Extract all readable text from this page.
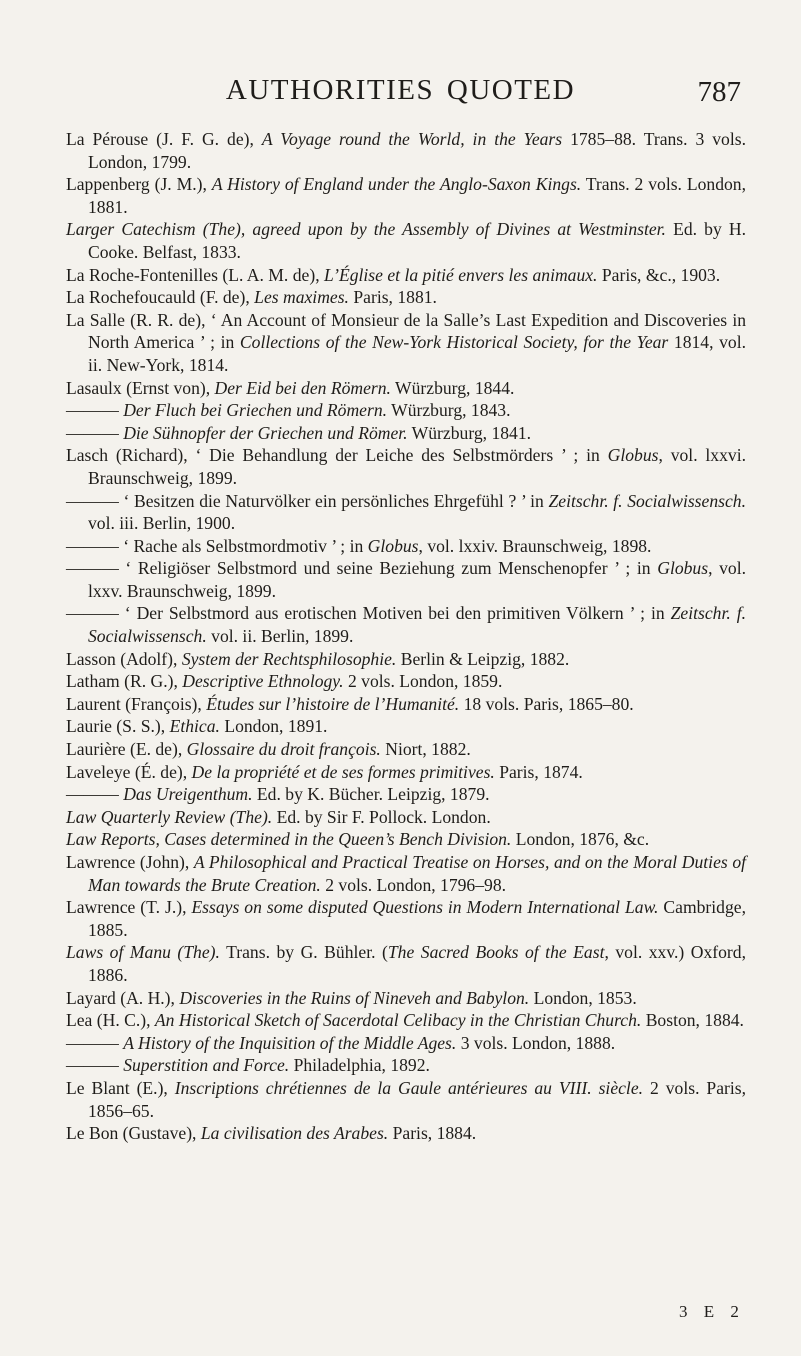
AUTHORITIES QUOTED	787

La Pérouse (J. F. G. de), A Voyage round the World, in the Years 1785–88. Trans. 3 vols. London, 1799.

Lappenberg (J. M.), A History of England under the Anglo-Saxon Kings. Trans. 2 vols. London, 1881.

Larger Catechism (The), agreed upon by the Assembly of Divines at Westminster. Ed. by H. Cooke. Belfast, 1833.

La Roche-Fontenilles (L. A. M. de), L’Église et la pitié envers les animaux. Paris, &c., 1903.

La Rochefoucauld (F. de), Les maximes. Paris, 1881.

La Salle (R. R. de), ‘ An Account of Monsieur de la Salle’s Last Expedition and Discoveries in North America ’ ; in Collections of the New-York Historical Society, for the Year 1814, vol. ii. New-York, 1814.

Lasaulx (Ernst von), Der Eid bei den Römern. Würzburg, 1844.

——— Der Fluch bei Griechen und Römern. Würzburg, 1843.

——— Die Sühnopfer der Griechen und Römer. Würzburg, 1841.

Lasch (Richard), ‘ Die Behandlung der Leiche des Selbstmörders ’ ; in Globus, vol. lxxvi. Braunschweig, 1899.

——— ‘ Besitzen die Naturvölker ein persönliches Ehrgefühl ? ’ in Zeitschr. f. Socialwissensch. vol. iii. Berlin, 1900.

——— ‘ Rache als Selbstmordmotiv ’ ; in Globus, vol. lxxiv. Braunschweig, 1898.

——— ‘ Religiöser Selbstmord und seine Beziehung zum Menschenopfer ’ ; in Globus, vol. lxxv. Braunschweig, 1899.

——— ‘ Der Selbstmord aus erotischen Motiven bei den primitiven Völkern ’ ; in Zeitschr. f. Socialwissensch. vol. ii. Berlin, 1899.

Lasson (Adolf), System der Rechtsphilosophie. Berlin & Leipzig, 1882.

Latham (R. G.), Descriptive Ethnology. 2 vols. London, 1859.

Laurent (François), Études sur l’histoire de l’Humanité. 18 vols. Paris, 1865–80.

Laurie (S. S.), Ethica. London, 1891.

Laurière (E. de), Glossaire du droit françois. Niort, 1882.

Laveleye (É. de), De la propriété et de ses formes primitives. Paris, 1874.

——— Das Ureigenthum. Ed. by K. Bücher. Leipzig, 1879.

Law Quarterly Review (The). Ed. by Sir F. Pollock. London.

Law Reports, Cases determined in the Queen’s Bench Division. London, 1876, &c.

Lawrence (John), A Philosophical and Practical Treatise on Horses, and on the Moral Duties of Man towards the Brute Creation. 2 vols. London, 1796–98.

Lawrence (T. J.), Essays on some disputed Questions in Modern International Law. Cambridge, 1885.

Laws of Manu (The). Trans. by G. Bühler. (The Sacred Books of the East, vol. xxv.) Oxford, 1886.

Layard (A. H.), Discoveries in the Ruins of Nineveh and Babylon. London, 1853.

Lea (H. C.), An Historical Sketch of Sacerdotal Celibacy in the Christian Church. Boston, 1884.

——— A History of the Inquisition of the Middle Ages. 3 vols. London, 1888.

——— Superstition and Force. Philadelphia, 1892.

Le Blant (E.), Inscriptions chrétiennes de la Gaule antérieures au VIII. siècle. 2 vols. Paris, 1856–65.

Le Bon (Gustave), La civilisation des Arabes. Paris, 1884.

3 E 2
